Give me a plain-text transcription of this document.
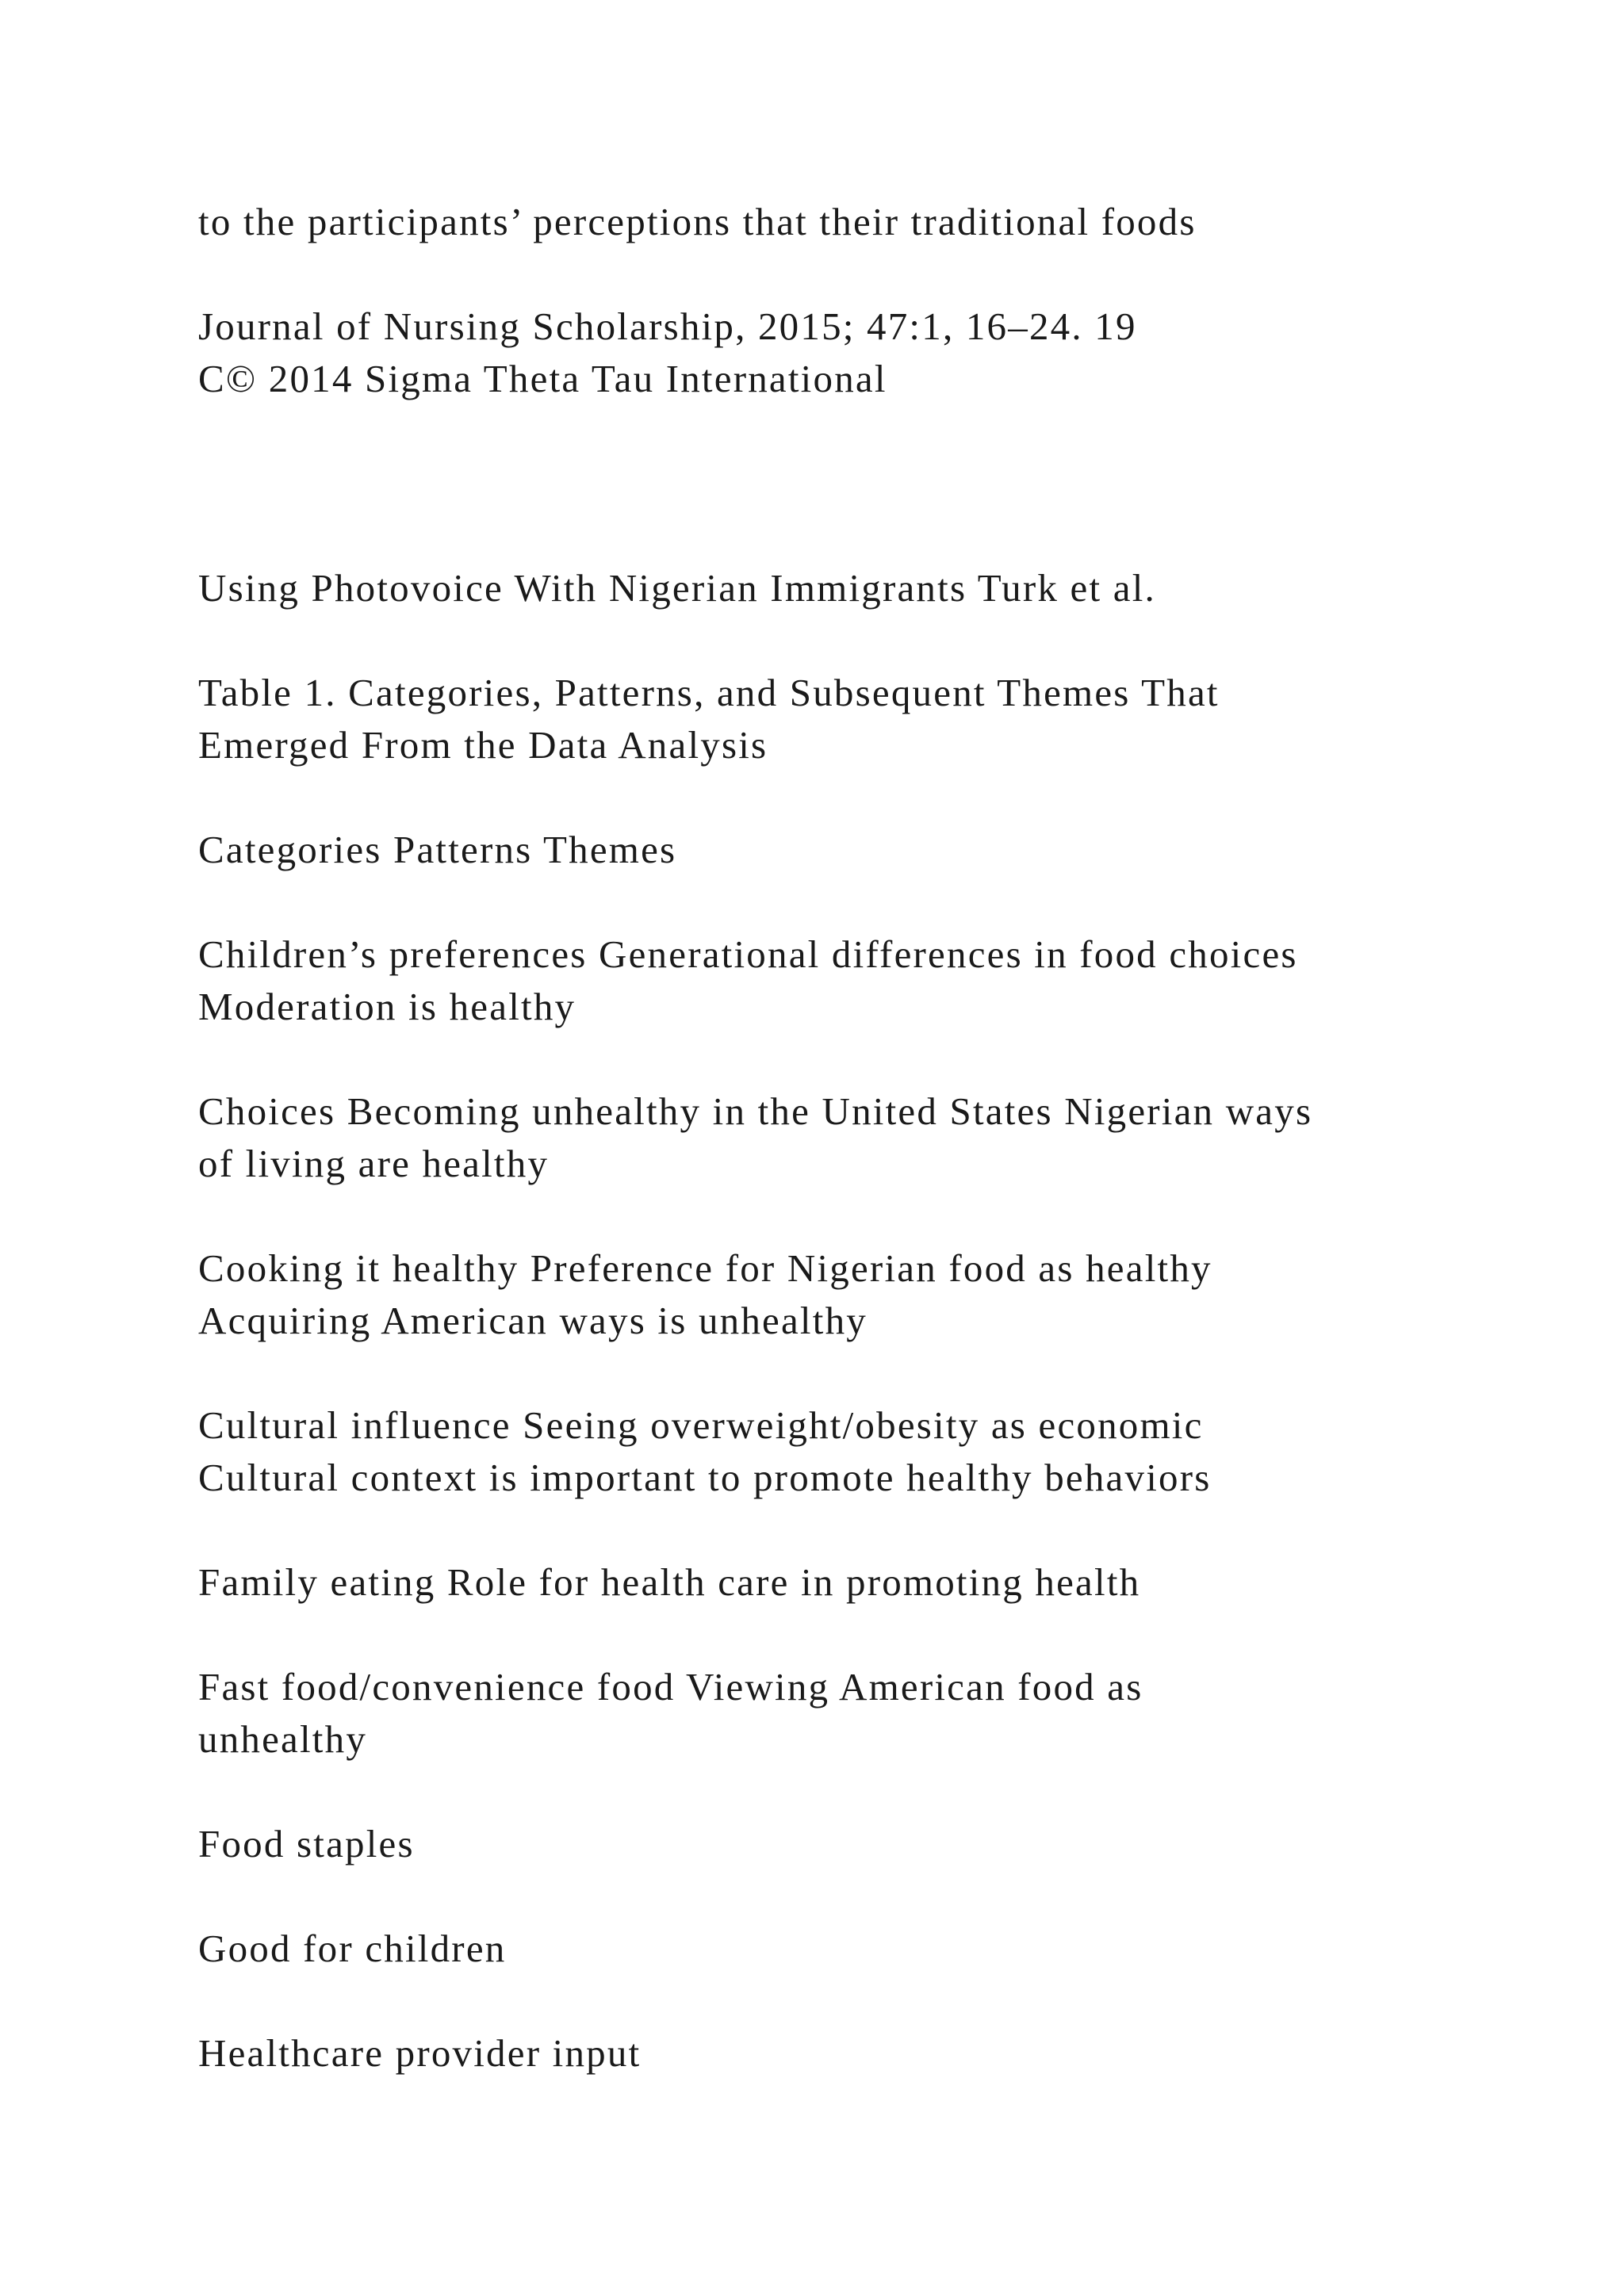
to the participants’ perceptions that their traditional foods

Journal of Nursing Scholarship, 2015; 47:1, 16–24. 19
C© 2014 Sigma Theta Tau International

Using Photovoice With Nigerian Immigrants Turk et al.

Table 1. Categories, Patterns, and Subsequent Themes That
Emerged From the Data Analysis

Categories Patterns Themes

Children’s preferences Generational differences in food choices
Moderation is healthy

Choices Becoming unhealthy in the United States Nigerian ways
of living are healthy

Cooking it healthy Preference for Nigerian food as healthy
Acquiring American ways is unhealthy

Cultural influence Seeing overweight/obesity as economic
Cultural context is important to promote healthy behaviors

Family eating Role for health care in promoting health

Fast food/convenience food Viewing American food as
unhealthy

Food staples

Good for children

Healthcare provider input
